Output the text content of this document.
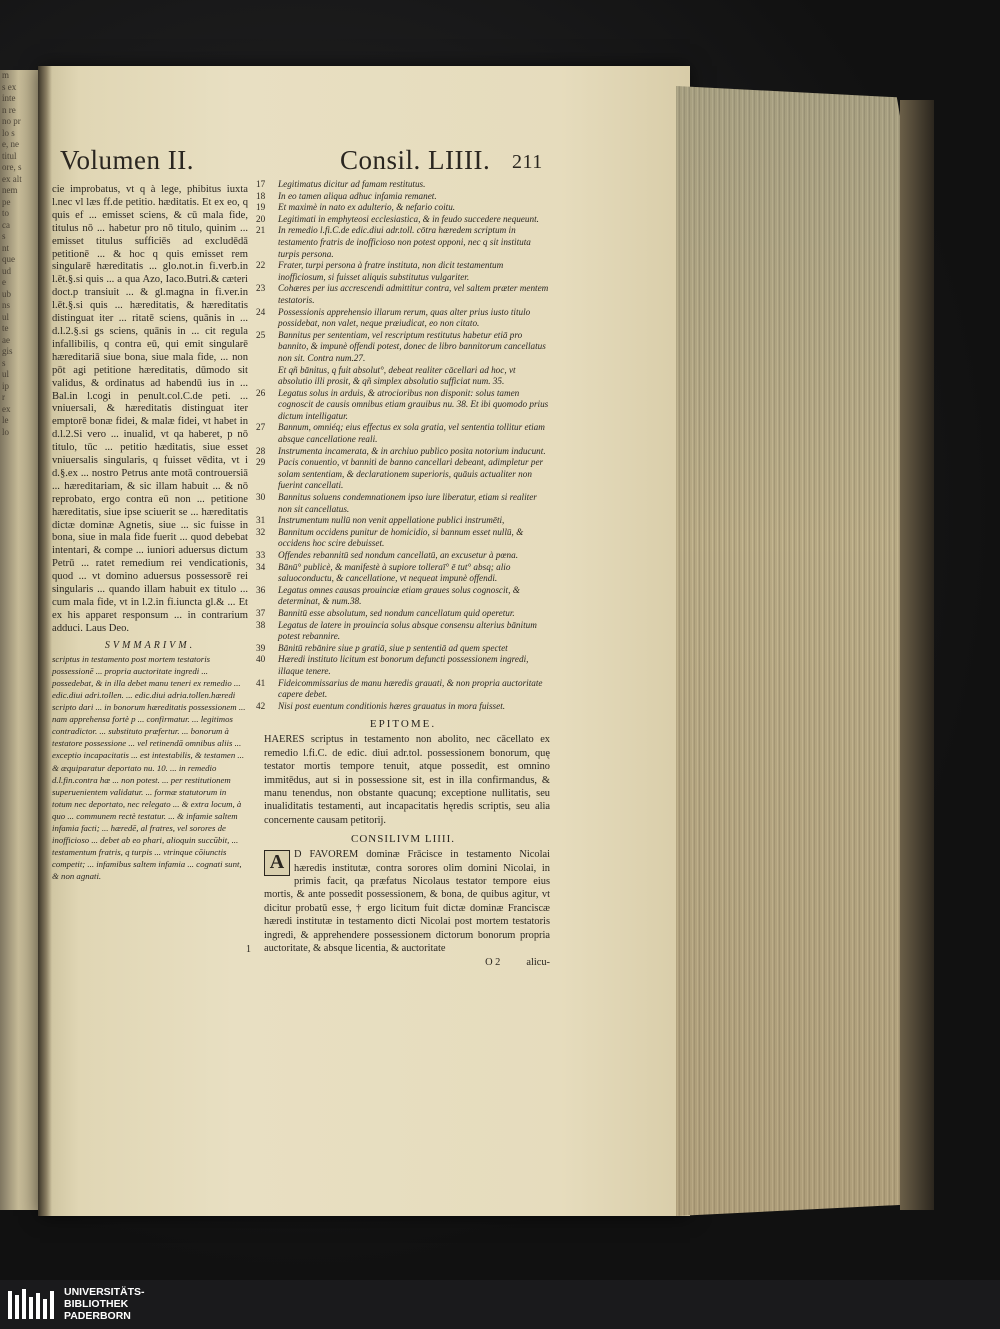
m
s ex
inte
n re
no pr
lo s
e, ne
titul
ore, s
ex alt
nem
pe
to
ca
s
nt
que
ud
e
ub
ns
ul
te
ae
gis
s
ul
ip
r
ex
le
lo
Volumen II.	Consil. LIIII. 211

cie improbatus, vt q à lege, phibitus iuxta l.nec vl læs ff.de petitio. hæditatis. Et ex eo, q quis ef ... emisset sciens, & cū mala fide, titulus nō ... habetur pro nō titulo, quinim ... emisset titulus sufficiēs ad excludēdā petitionē ... & hoc q quis emisset rem singularē hæreditatis ... glo.not.in fi.verb.in l.ēt.§.si quis ... a qua Azo, Iaco.Butri.& cæteri doct.p transiuit ... & gl.magna in fi.ver.in l.ēt.§.si quis ... hæreditatis, & hæreditatis distinguat iter ... ritatē sciens, quānis in ... d.l.2.§.si gs sciens, quānis in ... cit regula infallibilis, q contra eū, qui emit singularē hæreditariā siue bona, siue mala fide, ... non pōt agi petitione hæreditatis, dūmodo sit validus, & ordinatus ad habendū ius in ... Bal.in l.cogi in penult.col.C.de peti. ... vniuersali, & hæreditatis distinguat iter emptorē bonæ fidei, & malæ fidei, vt habet in d.l.2.Si vero ... inualid, vt qa haberet, p nō titulo, tūc ... petitio hæditatis, siue esset vniuersalis singularis, q fuisset vēdita, vt i d.§.ex ... nostro Petrus ante motā controuersiā ... hæreditariam, & sic illam habuit ... & nō reprobato, ergo contra eū non ... petitione hæreditatis, siue ipse sciuerit se ... hæreditatis dictæ dominæ Agnetis, siue ... sic fuisse in bona, siue in mala fide fuerit ... quod debebat intentari, & compe ... iuniori aduersus dictum Petrū ... ratet remedium rei vendicationis, quod ... vt domino aduersus possessorē rei singularis ... quando illam habuit ex titulo ... cum mala fide, vt in l.2.in fi.iuncta gl.& ... Et ex his apparet responsum ... in contrarium adduci. Laus Deo.

SVMMARIVM.
scriptus in testamento post mortem testatoris possessionē ... propria auctoritate ingredi ... possedebat, & in illa debet manu teneri ex remedio ... edic.diui adri.tollen. ... edic.diui adria.tollen.hæredi scripto dari ... in bonorum hæreditatis possessionem ... nam apprehensa fortè p ... confirmatur. ... legitimos contradictor. ... substituto præfertur. ... bonorum à testatore possessione ... vel retinendā omnibus aliis ... exceptio incapacitatis ... est intestabilis, & testamen ... & æquiparatur deportato nu. 10. ... in remedio d.l.fin.contra hæ ... non potest. ... per restitutionem superuenientem validatur. ... formæ statutorum in totum nec deportato, nec relegato ... & extra locum, à quo ... communem rectè testatur. ... & infamie saltem infamia facti; ... hæredē, al fratres, vel sorores de inofficioso ... debet ab eo phari, alioquin succūbit, ... testamentum fratris, q turpis ... vtrinque cōiunctis competit; ... infamibus saltem infamia ... cognati sunt, & non agnati.
17	Legitimatus dicitur ad famam restitutus.
18	In eo tamen aliqua adhuc infamia remanet.
19	Et maximè in nato ex adulterio, & nefario coitu.
20	Legitimati in emphyteosi ecclesiastica, & in feudo succedere nequeunt.
21	In remedio l.fi.C.de edic.diui adr.toll. cōtra hæredem scriptum in testamento fratris de inofficioso non potest opponi, nec q sit instituta turpis persona.
22	Frater, turpi persona à fratre instituta, non dicit testamentum inofficiosum, si fuisset aliquis substitutus vulgariter.
23	Cohæres per ius accrescendi admittitur contra, vel saltem præter mentem testatoris.
24	Possessionis apprehensio illarum rerum, quas alter prius iusto titulo possidebat, non valet, neque præiudicat, eo non citato.
25	Bannitus per sententiam, vel rescriptum restitutus habetur etiā pro bannito, & impunè offendi potest, donec de libro bannitorum cancellatus non sit. Contra num.27.
Et qñ bānitus, q fuit absolut°, debeat realiter cācellari ad hoc, vt absolutio illi prosit, & qñ simplex absolutio sufficiat num. 35.
26	Legatus solus in arduis, & atrocioribus non disponit: solus tamen cognoscit de causis omnibus etiam grauibus nu. 38. Et ibi quomodo prius dictum intelligatur.
27	Bannum, omniéq; eius effectus ex sola gratia, vel sententia tollitur etiam absque cancellatione reali.
28	Instrumenta incamerata, & in archiuo publico posita notorium inducunt.
29	Pacis conuentio, vt banniti de banno cancellari debeant, adimpletur per solam sententiam, & declarationem superioris, quāuis actualiter non fuerint cancellati.
30	Bannitus soluens condemnationem ipso iure liberatur, etiam si realiter non sit cancellatus.
31	Instrumentum nullū non venit appellatione publici instrumēti,
32	Bannitum occidens punitur de homicidio, si bannum esset nullū, & occidens hoc scire debuisset.
33	Offendes rebannitū sed nondum cancellatū, an excusetur à pœna.
34	Bānū° publicè, & manifestè à supiore tolleraī° ē tut° absq; alio saluoconductu, & cancellatione, vt nequeat impunè offendi.
36	Legatus omnes causas prouinciæ etiam graues solus cognoscit, & determinat, & num.38.
37	Bannitū esse absolutum, sed nondum cancellatum quid operetur.
38	Legatus de latere in prouincia solus absque consensu alterius bānitum potest rebannire.
39	Bānitū rebānire siue p gratiā, siue p sententiā ad quem spectet
40	Hæredi instituto licitum est bonorum defuncti possessionem ingredi, illaque tenere.
41	Fideicommissarius de manu hæredis grauati, & non propria auctoritate capere debet.
42	Nisi post euentum conditionis hæres grauatus in mora fuisset.
EPITOME.
HAERES scriptus in testamento non abolito, nec cācellato ex remedio l.fi.C. de edic. diui adr.tol. possessionem bonorum, quę testator mortis tempore tenuit, atque possedit, est omnino immitēdus, aut si in possessione sit, est in illa confirmandus, & manu tenendus, non obstante quacunq; exceptione nullitatis, seu inualiditatis testamenti, aut incapacitatis hęredis scriptis, seu alia concernente causam petitorij.
CONSILIVM LIIII.
1
A D FAVOREM dominæ Frācisce in testamento Nicolai hæredis institutæ, contra sorores olim domini Nicolai, in primis facit, qa præfatus Nicolaus testator tempore eius mortis, & ante possedit possessionem, & bona, de quibus agitur, vt dicitur probatū esse, † ergo licitum fuit dictæ dominæ Franciscæ hæredi institutæ in testamento dicti Nicolai post mortem testatoris ingredi, & apprehendere possessionem dictorum bonorum propria auctoritate, & absque licentia, & auctoritate
O 2 alicu-
UNIVERSITÄTS-
BIBLIOTHEK
PADERBORN
